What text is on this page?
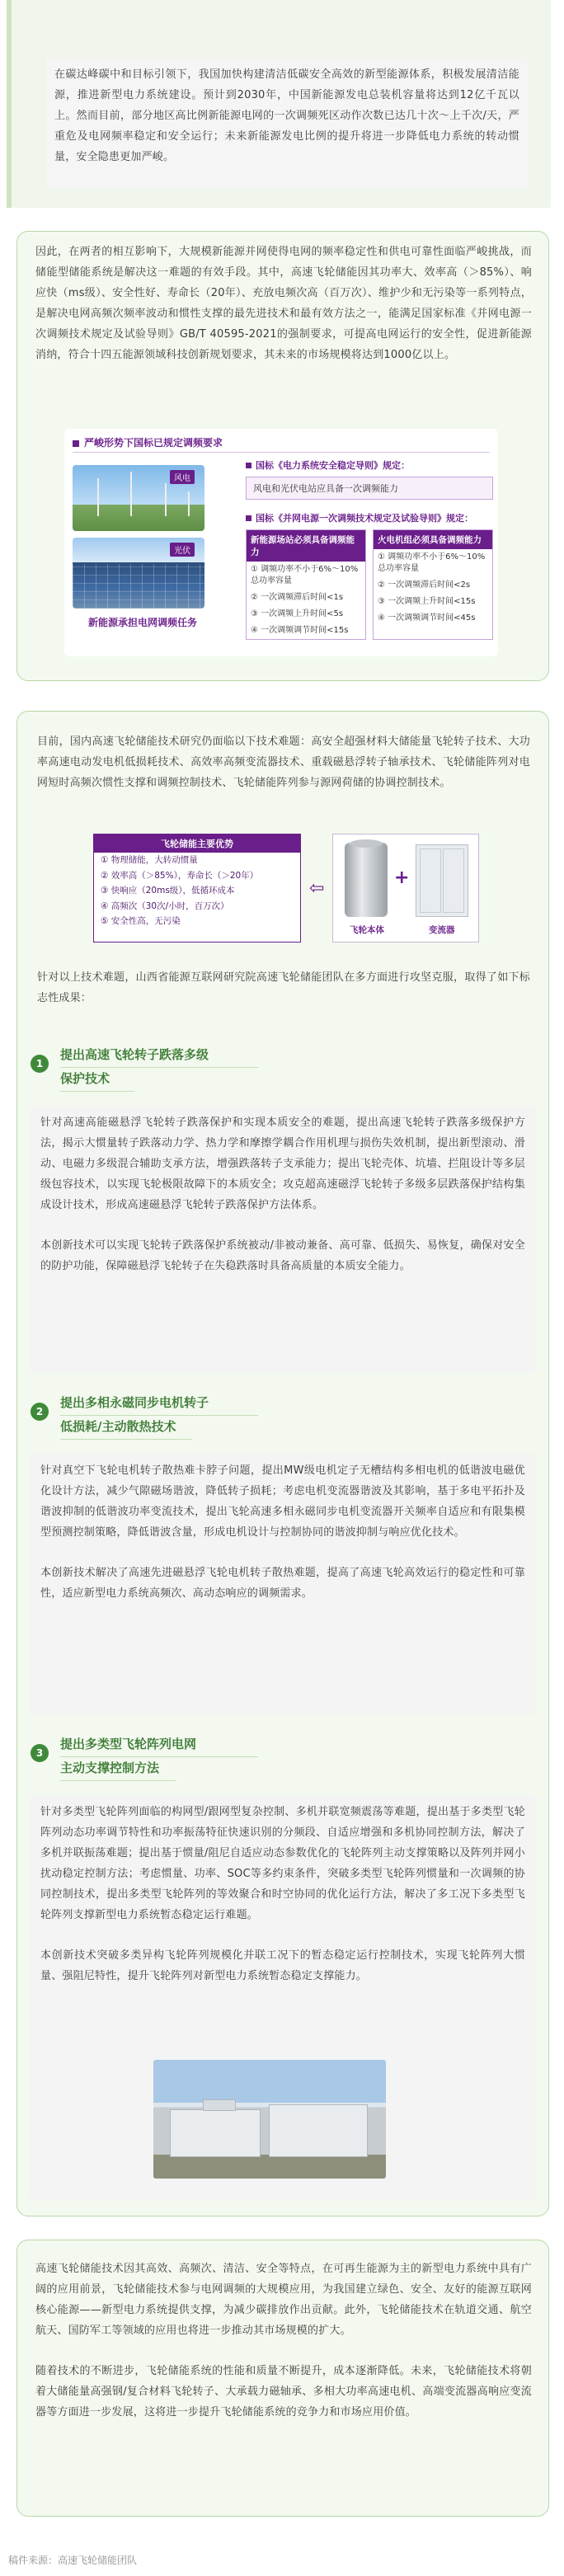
在碳达峰碳中和目标引领下，我国加快构建清洁低碳安全高效的新型能源体系，积极发展清洁能源，推进新型电力系统建设。预计到2030年，中国新能源发电总装机容量将达到12亿千瓦以上。然而目前，部分地区高比例新能源电网的一次调频死区动作次数已达几十次～上千次/天，严重危及电网频率稳定和安全运行；未来新能源发电比例的提升将进一步降低电力系统的转动惯量，安全隐患更加严峻。

因此，在两者的相互影响下，大规模新能源并网使得电网的频率稳定性和供电可靠性面临严峻挑战，而储能型储能系统是解决这一难题的有效手段。其中，高速飞轮储能因其功率大、效率高（＞85%）、响应快（ms级）、安全性好、寿命长（20年）、充放电频次高（百万次）、维护少和无污染等一系列特点，是解决电网高频次频率波动和惯性支撑的最先进技术和最有效方法之一，能满足国家标准《并网电源一次调频技术规定及试验导则》GB/T 40595-2021的强制要求，可提高电网运行的安全性，促进新能源消纳，符合十四五能源领域科技创新规划要求，其未来的市场规模将达到1000亿以上。

严峻形势下国标已规定调频要求
风电
光伏
新能源承担电网调频任务
国标《电力系统安全稳定导则》规定：
风电和光伏电站应具备一次调频能力
国标《并网电源一次调频技术规定及试验导则》规定：
新能源场站必须具备调频能力
① 调频功率不小于6%～10%总功率容量
② 一次调频滞后时间<1s
③ 一次调频上升时间<5s
④ 一次调频调节时间<15s
火电机组必须具备调频能力
① 调频功率不小于6%～10%总功率容量
② 一次调频滞后时间<2s
③ 一次调频上升时间<15s
④ 一次调频调节时间<45s

目前，国内高速飞轮储能技术研究仍面临以下技术难题：高安全超强材料大储能量飞轮转子技术、大功率高速电动发电机低损耗技术、高效率高频变流器技术、重载磁悬浮转子轴承技术、飞轮储能阵列对电网短时高频次惯性支撑和调频控制技术、飞轮储能阵列参与源网荷储的协调控制技术。

飞轮储能主要优势
① 物理储能，大转动惯量
② 效率高（＞85%），寿命长（＞20年）
③ 快响应（20ms级），低循环成本
④ 高频次（30次/小时，百万次）
⑤ 安全性高，无污染
⇦
+
飞轮本体	变流器

针对以上技术难题，山西省能源互联网研究院高速飞轮储能团队在多方面进行攻坚克服，取得了如下标志性成果：

1
提出高速飞轮转子跌落多级
保护技术

针对高速高能磁悬浮飞轮转子跌落保护和实现本质安全的难题，提出高速飞轮转子跌落多级保护方法，揭示大惯量转子跌落动力学、热力学和摩擦学耦合作用机理与损伤失效机制，提出新型滚动、滑动、电磁力多级混合辅助支承方法，增强跌落转子支承能力；提出飞轮壳体、坑墙、拦阻设计等多层级包容技术，以实现飞轮极限故障下的本质安全；攻克超高速磁浮飞轮转子多级多层跌落保护结构集成设计技术，形成高速磁悬浮飞轮转子跌落保护方法体系。

本创新技术可以实现飞轮转子跌落保护系统被动/非被动兼备、高可靠、低损失、易恢复，确保对安全的防护功能，保障磁悬浮飞轮转子在失稳跌落时具备高质量的本质安全能力。

2
提出多相永磁同步电机转子
低损耗/主动散热技术

针对真空下飞轮电机转子散热难卡脖子问题，提出MW级电机定子无槽结构多相电机的低谐波电磁优化设计方法，减少气隙磁场谐波，降低转子损耗；考虑电机变流器谐波及其影响，基于多电平拓扑及谐波抑制的低谐波功率变流技术，提出飞轮高速多相永磁同步电机变流器开关频率自适应和有限集模型预测控制策略，降低谐波含量，形成电机设计与控制协同的谐波抑制与响应优化技术。

本创新技术解决了高速先进磁悬浮飞轮电机转子散热难题，提高了高速飞轮高效运行的稳定性和可靠性，适应新型电力系统高频次、高动态响应的调频需求。

3
提出多类型飞轮阵列电网
主动支撑控制方法

针对多类型飞轮阵列面临的构网型/跟网型复杂控制、多机并联宽频震荡等难题，提出基于多类型飞轮阵列动态功率调节特性和功率振荡特征快速识别的分频段、自适应增强和多机协同控制方法，解决了多机并联振荡难题；提出基于惯量/阻尼自适应动态参数优化的飞轮阵列主动支撑策略以及阵列并网小扰动稳定控制方法；考虑惯量、功率、SOC等多约束条件，突破多类型飞轮阵列惯量和一次调频的协同控制技术，提出多类型飞轮阵列的等效聚合和时空协同的优化运行方法，解决了多工况下多类型飞轮阵列支撑新型电力系统暂态稳定运行难题。

本创新技术突破多类异构飞轮阵列规模化并联工况下的暂态稳定运行控制技术，实现飞轮阵列大惯量、强阻尼特性，提升飞轮阵列对新型电力系统暂态稳定支撑能力。

高速飞轮储能技术因其高效、高频次、清洁、安全等特点，在可再生能源为主的新型电力系统中具有广阔的应用前景，飞轮储能技术参与电网调频的大规模应用，为我国建立绿色、安全、友好的能源互联网核心能源——新型电力系统提供支撑，为减少碳排放作出贡献。此外，飞轮储能技术在轨道交通、航空航天、国防军工等领域的应用也将进一步推动其市场规模的扩大。

随着技术的不断进步，飞轮储能系统的性能和质量不断提升，成本逐渐降低。未来，飞轮储能技术将朝着大储能量高强钢/复合材料飞轮转子、大承载力磁轴承、多相大功率高速电机、高端变流器高响应变流器等方面进一步发展，这将进一步提升飞轮储能系统的竞争力和市场应用价值。

稿件来源：高速飞轮储能团队
